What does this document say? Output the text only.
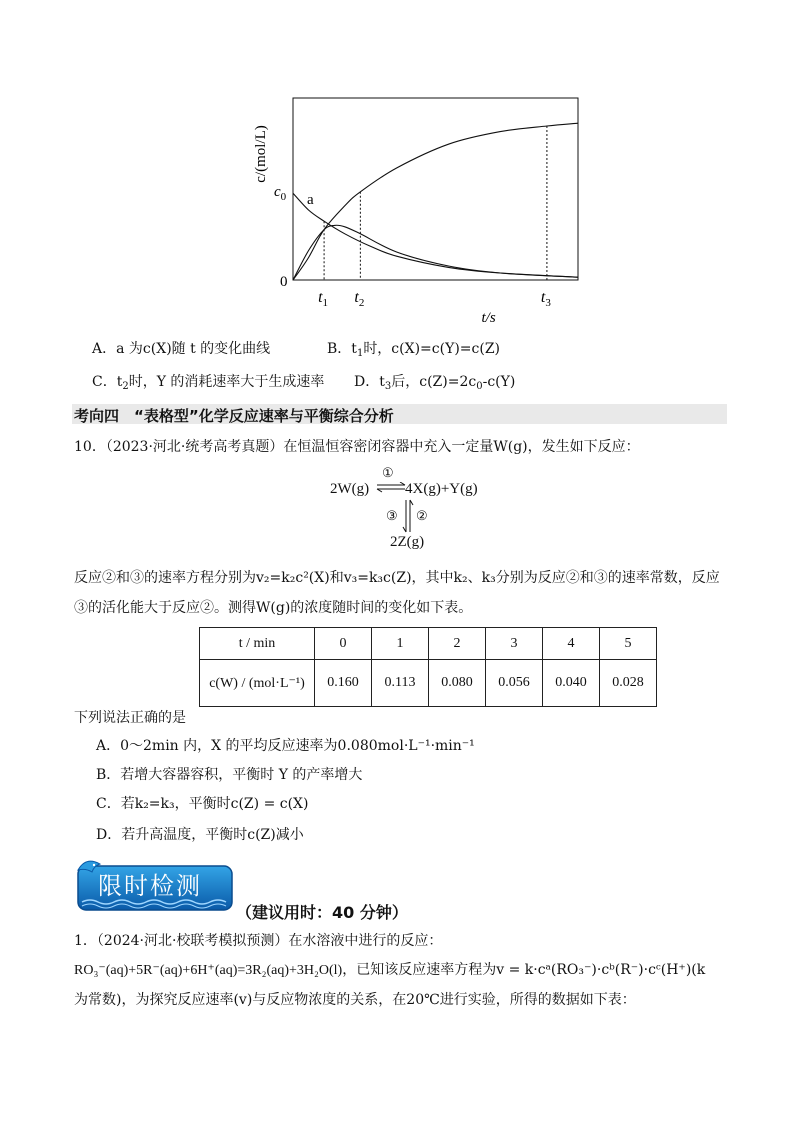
$t_1$ $t_2$	$t_3$
0
$c_0$ a
c/(mol/L)
t/s
A．a 为c(X)随 t 的变化曲线	B．$t_1$时，c(X)=c(Y)=c(Z)
C．$t_2$时，Y 的消耗速率大于生成速率 D．$t_3$后，$c(Z)=2c_0-c(Y)$
考向四　“表格型”化学反应速率与平衡综合分析
10．（2023·河北·统考高考真题）在恒温恒容密闭容器中充入一定量W(g)，发生如下反应：
2W(g)
①
⇌ 4X(g)+Y(g)
③ ②
2Z(g)
反应②和③的速率方程分别为v₂=k₂c²(X)和v₃=k₃c(Z)，其中k₂、k₃分别为反应②和③的速率常数，反应
③的活化能大于反应②。测得W(g)的浓度随时间的变化如下表。
t / min	0	1	2	3	4	5
c(W) / (mol·L⁻¹)	0.160	0.113	0.080	0.056	0.040	0.028
下列说法正确的是
A．0～2min 内，X 的平均反应速率为0.080mol·L⁻¹·min⁻¹
B．若增大容器容积，平衡时 Y 的产率增大
C．若k₂=k₃，平衡时c(Z) = c(X)
D．若升高温度，平衡时c(Z)减小
限时检测
（建议用时：40 分钟）
1．（2024·河北·校联考模拟预测）在水溶液中进行的反应：
RO₃⁻(aq)+5R⁻(aq)+6H⁺(aq)=3R₂(aq)+3H₂O(l)，已知该反应速率方程为v = k·cᵃ(RO₃⁻)·cᵇ(R⁻)·cᶜ(H⁺)(k
为常数)，为探究反应速率(v)与反应物浓度的关系，在20℃进行实验，所得的数据如下表：
